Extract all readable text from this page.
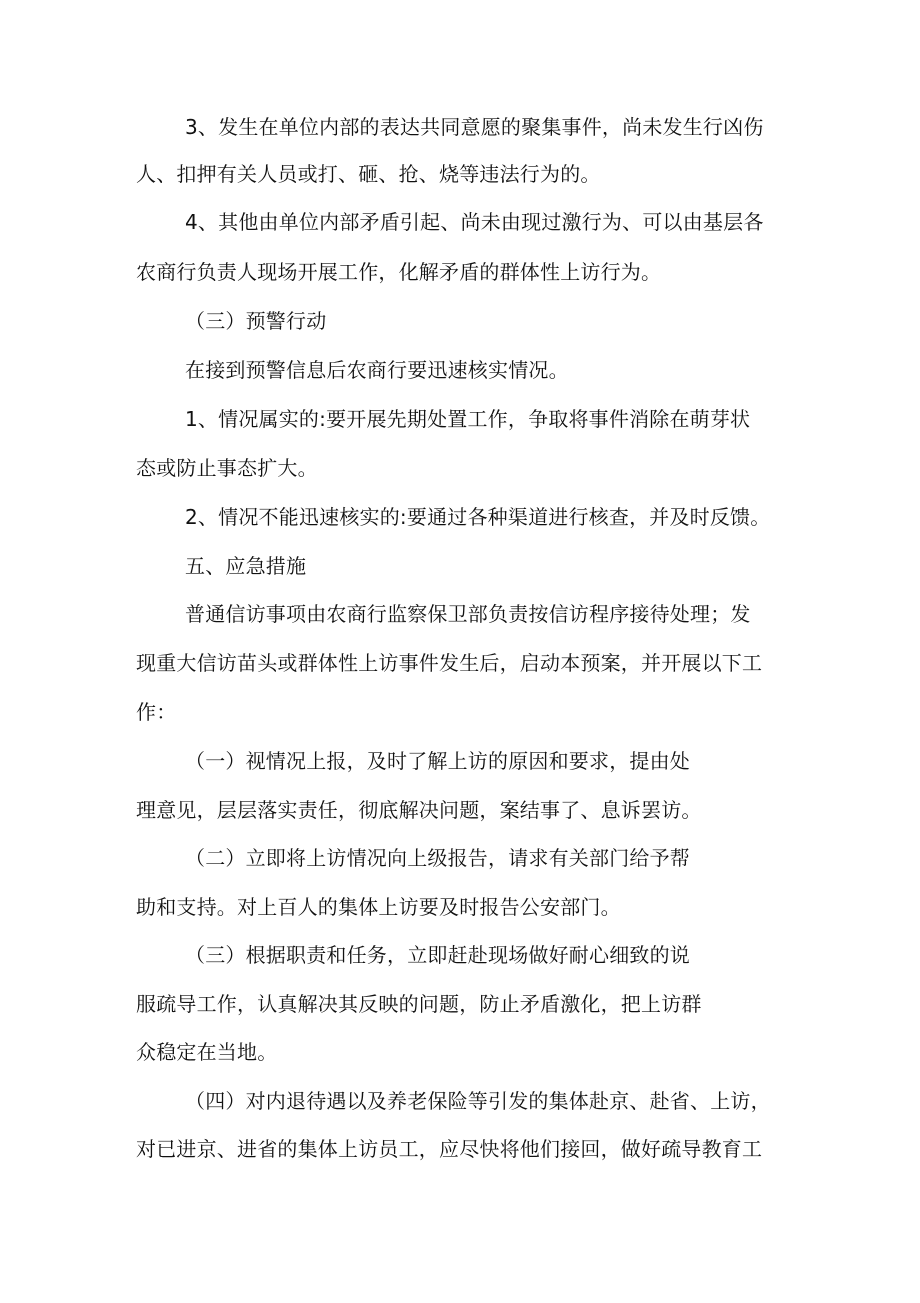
3、发生在单位内部的表达共同意愿的聚集事件，尚未发生行凶伤
人、扣押有关人员或打、砸、抢、烧等违法行为的。
4、其他由单位内部矛盾引起、尚未由现过激行为、可以由基层各
农商行负责人现场开展工作，化解矛盾的群体性上访行为。
（三）预警行动
在接到预警信息后农商行要迅速核实情况。
1、情况属实的:要开展先期处置工作，争取将事件消除在萌芽状
态或防止事态扩大。
2、情况不能迅速核实的:要通过各种渠道进行核查，并及时反馈。
五、应急措施
普通信访事项由农商行监察保卫部负责按信访程序接待处理；发
现重大信访苗头或群体性上访事件发生后，启动本预案，并开展以下工
作：
（一）视情况上报，及时了解上访的原因和要求，提由处
理意见，层层落实责任，彻底解决问题，案结事了、息诉罢访。
（二）立即将上访情况向上级报告，请求有关部门给予帮
助和支持。对上百人的集体上访要及时报告公安部门。
（三）根据职责和任务，立即赶赴现场做好耐心细致的说
服疏导工作，认真解决其反映的问题，防止矛盾激化，把上访群
众稳定在当地。
（四）对内退待遇以及养老保险等引发的集体赴京、赴省、上访，
对已进京、进省的集体上访员工，应尽快将他们接回，做好疏导教育工
